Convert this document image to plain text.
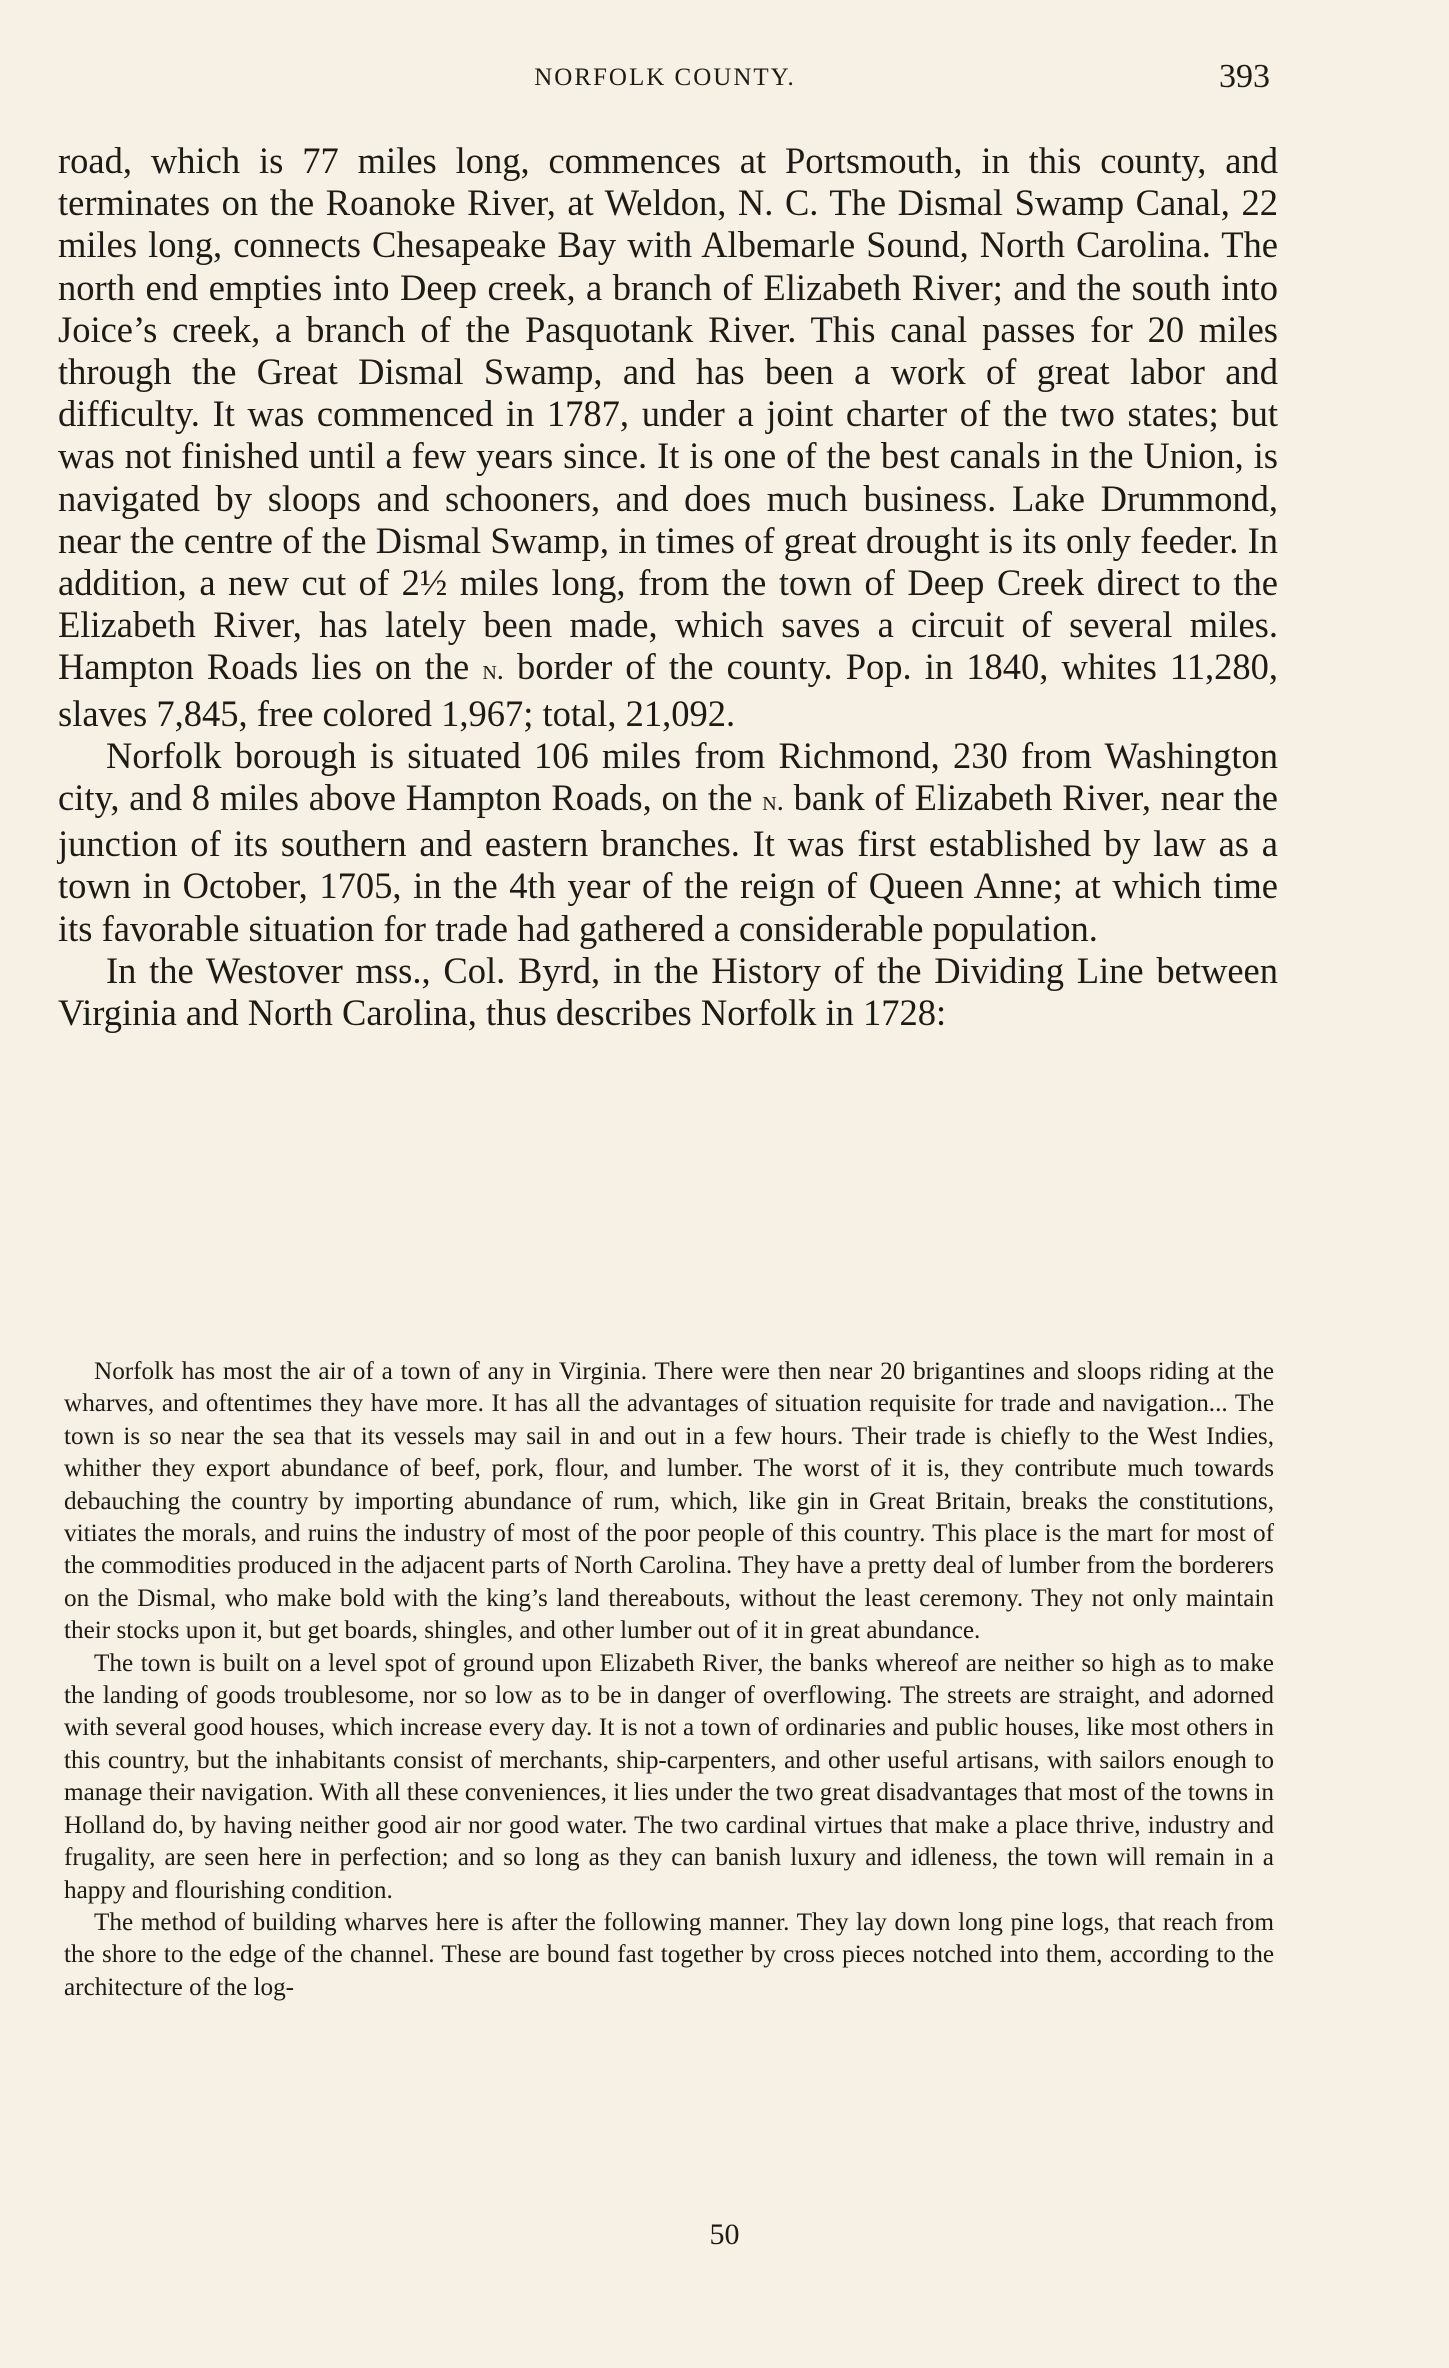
NORFOLK COUNTY.	393

road, which is 77 miles long, commences at Portsmouth, in this county, and terminates on the Roanoke River, at Weldon, N. C. The Dismal Swamp Canal, 22 miles long, connects Chesapeake Bay with Albemarle Sound, North Carolina. The north end empties into Deep creek, a branch of Elizabeth River; and the south into Joice’s creek, a branch of the Pasquotank River. This canal passes for 20 miles through the Great Dismal Swamp, and has been a work of great labor and difficulty. It was commenced in 1787, under a joint charter of the two states; but was not finished until a few years since. It is one of the best canals in the Union, is navigated by sloops and schooners, and does much business. Lake Drummond, near the centre of the Dismal Swamp, in times of great drought is its only feeder. In addition, a new cut of 2½ miles long, from the town of Deep Creek direct to the Elizabeth River, has lately been made, which saves a circuit of several miles. Hampton Roads lies on the n. border of the county. Pop. in 1840, whites 11,280, slaves 7,845, free colored 1,967; total, 21,092.

Norfolk borough is situated 106 miles from Richmond, 230 from Washington city, and 8 miles above Hampton Roads, on the n. bank of Elizabeth River, near the junction of its southern and eastern branches. It was first established by law as a town in October, 1705, in the 4th year of the reign of Queen Anne; at which time its favorable situation for trade had gathered a considerable population.

In the Westover mss., Col. Byrd, in the History of the Dividing Line between Virginia and North Carolina, thus describes Norfolk in 1728:

Norfolk has most the air of a town of any in Virginia. There were then near 20 brigantines and sloops riding at the wharves, and oftentimes they have more. It has all the advantages of situation requisite for trade and navigation... The town is so near the sea that its vessels may sail in and out in a few hours. Their trade is chiefly to the West Indies, whither they export abundance of beef, pork, flour, and lumber. The worst of it is, they contribute much towards debauching the country by importing abundance of rum, which, like gin in Great Britain, breaks the constitutions, vitiates the morals, and ruins the industry of most of the poor people of this country. This place is the mart for most of the commodities produced in the adjacent parts of North Carolina. They have a pretty deal of lumber from the borderers on the Dismal, who make bold with the king’s land thereabouts, without the least ceremony. They not only maintain their stocks upon it, but get boards, shingles, and other lumber out of it in great abundance.

The town is built on a level spot of ground upon Elizabeth River, the banks whereof are neither so high as to make the landing of goods troublesome, nor so low as to be in danger of overflowing. The streets are straight, and adorned with several good houses, which increase every day. It is not a town of ordinaries and public houses, like most others in this country, but the inhabitants consist of merchants, ship-carpenters, and other useful artisans, with sailors enough to manage their navigation. With all these conveniences, it lies under the two great disadvantages that most of the towns in Holland do, by having neither good air nor good water. The two cardinal virtues that make a place thrive, industry and frugality, are seen here in perfection; and so long as they can banish luxury and idleness, the town will remain in a happy and flourishing condition.

The method of building wharves here is after the following manner. They lay down long pine logs, that reach from the shore to the edge of the channel. These are bound fast together by cross pieces notched into them, according to the architecture of the log-

50
